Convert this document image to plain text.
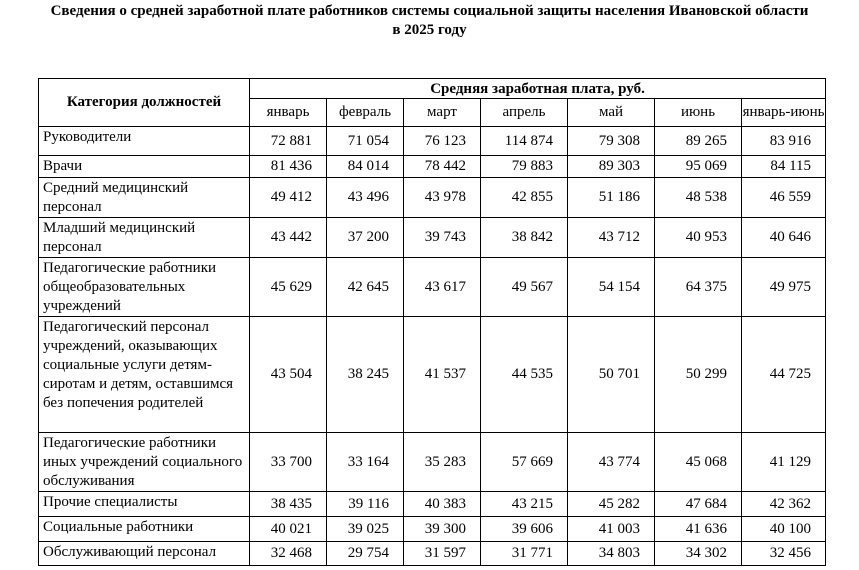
Сведения о средней заработной плате работников системы социальной защиты населения Ивановской области
в 2025 году
Категория должностей	Средняя заработная плата, руб.						
	январь	февраль	март	апрель	май	июнь	январь-июнь
Руководители	72 881	71 054	76 123	114 874	79 308	89 265	83 916
Врачи	81 436	84 014	78 442	79 883	89 303	95 069	84 115
Средний медицинский персонал	49 412	43 496	43 978	42 855	51 186	48 538	46 559
Младший медицинский персонал	43 442	37 200	39 743	38 842	43 712	40 953	40 646
Педагогические работники общеобразовательных учреждений	45 629	42 645	43 617	49 567	54 154	64 375	49 975
Педагогический персонал учреждений, оказывающих социальные услуги детям-сиротам и детям, оставшимся без попечения родителей	43 504	38 245	41 537	44 535	50 701	50 299	44 725
Педагогические работники иных учреждений социального обслуживания	33 700	33 164	35 283	57 669	43 774	45 068	41 129
Прочие специалисты	38 435	39 116	40 383	43 215	45 282	47 684	42 362
Социальные работники	40 021	39 025	39 300	39 606	41 003	41 636	40 100
Обслуживающий персонал	32 468	29 754	31 597	31 771	34 803	34 302	32 456
